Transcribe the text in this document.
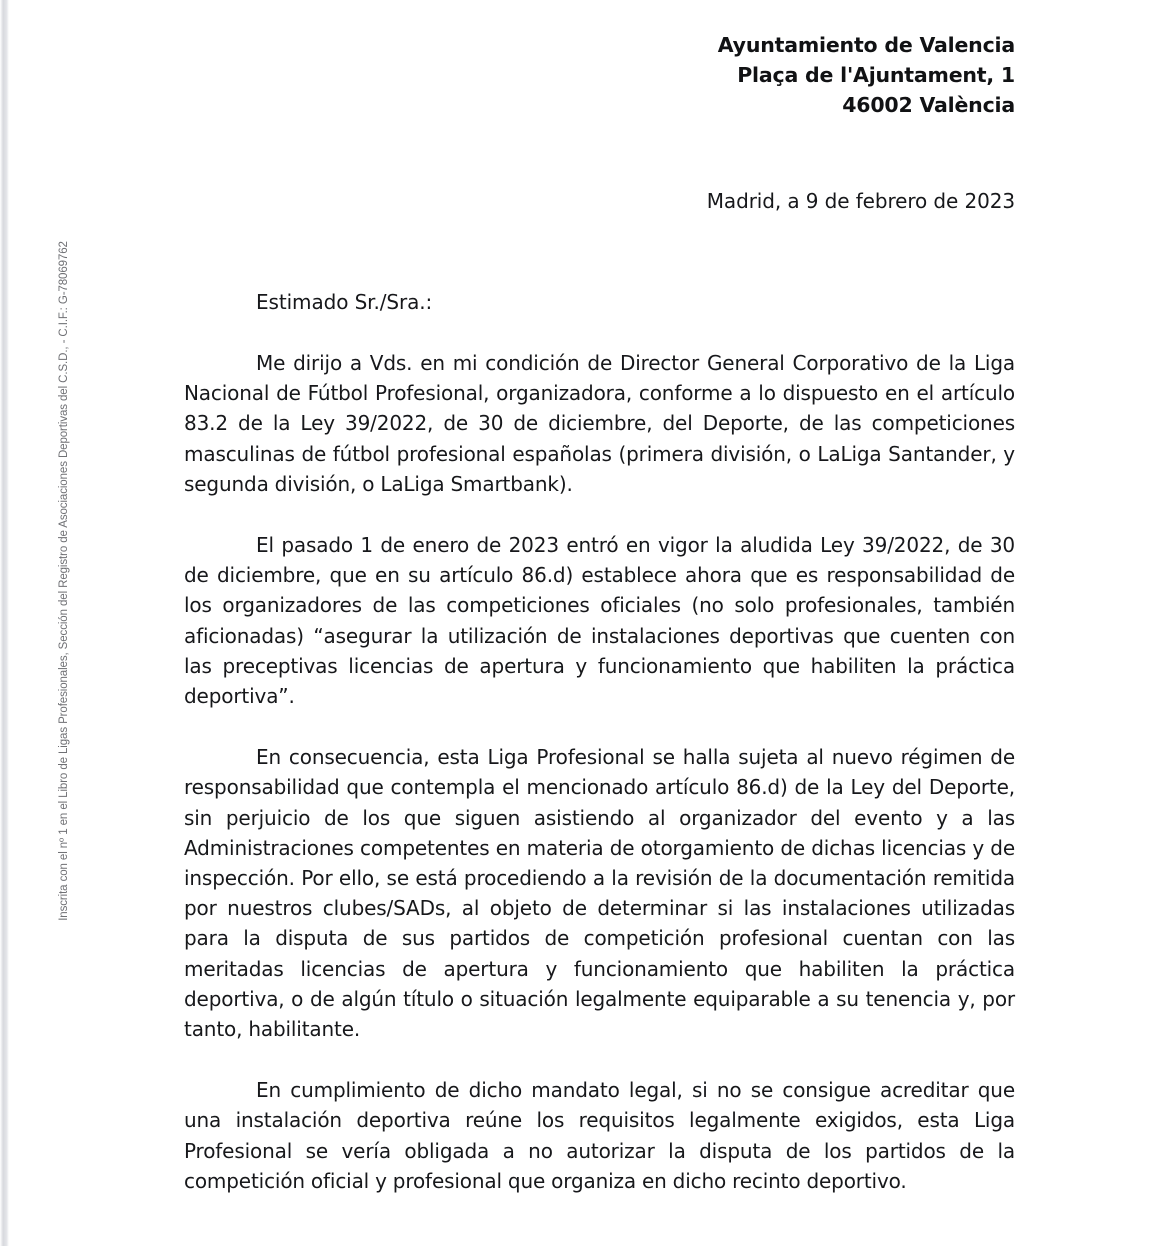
Inscrita con el nº 1 en el Libro de Ligas Profesionales, Sección del Registro de Asociaciones Deportivas del C.S.D., - C.I.F.: G-78069762
Ayuntamiento de Valencia
Plaça de l'Ajuntament, 1
46002 València
Madrid, a 9 de febrero de 2023
Estimado Sr./Sra.:

Me dirijo a Vds. en mi condición de Director General Corporativo de la Liga Nacional de Fútbol Profesional, organizadora, conforme a lo dispuesto en el artículo 83.2 de la Ley 39/2022, de 30 de diciembre, del Deporte, de las competiciones masculinas de fútbol profesional españolas (primera división, o LaLiga Santander, y segunda división, o LaLiga Smartbank).

El pasado 1 de enero de 2023 entró en vigor la aludida Ley 39/2022, de 30 de diciembre, que en su artículo 86.d) establece ahora que es responsabilidad de los organizadores de las competiciones oficiales (no solo profesionales, también aficionadas) “asegurar la utilización de instalaciones deportivas que cuenten con las preceptivas licencias de apertura y funcionamiento que habiliten la práctica deportiva”.

En consecuencia, esta Liga Profesional se halla sujeta al nuevo régimen de responsabilidad que contempla el mencionado artículo 86.d) de la Ley del Deporte, sin perjuicio de los que siguen asistiendo al organizador del evento y a las Administraciones competentes en materia de otorgamiento de dichas licencias y de inspección. Por ello, se está procediendo a la revisión de la documentación remitida por nuestros clubes/SADs, al objeto de determinar si las instalaciones utilizadas para la disputa de sus partidos de competición profesional cuentan con las meritadas licencias de apertura y funcionamiento que habiliten la práctica deportiva, o de algún título o situación legalmente equiparable a su tenencia y, por tanto, habilitante.

En cumplimiento de dicho mandato legal, si no se consigue acreditar que una instalación deportiva reúne los requisitos legalmente exigidos, esta Liga Profesional se vería obligada a no autorizar la disputa de los partidos de la competición oficial y profesional que organiza en dicho recinto deportivo.
